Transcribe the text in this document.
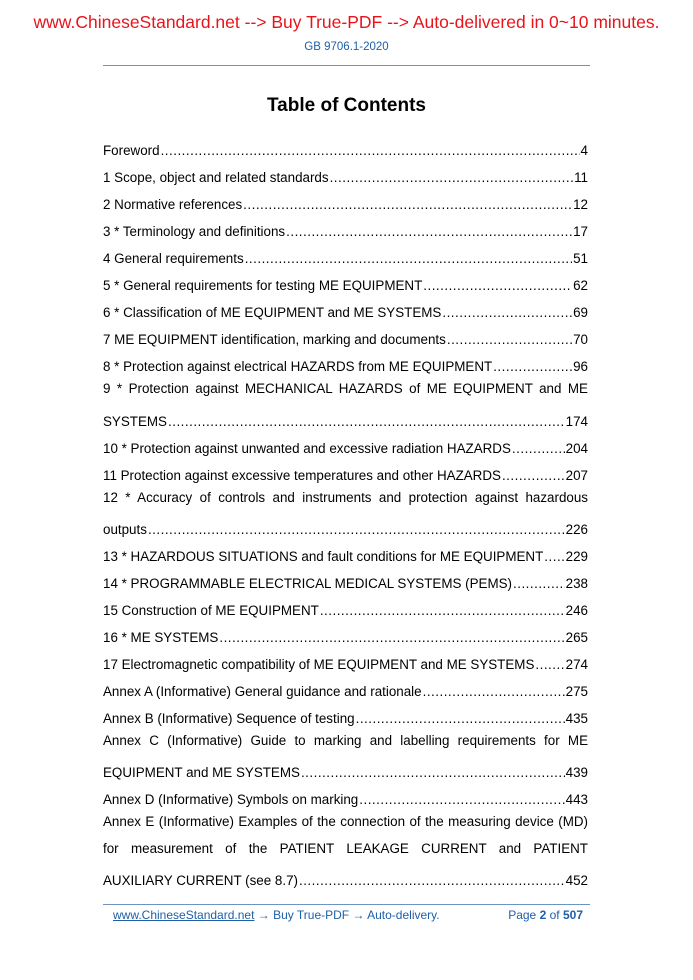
www.ChineseStandard.net --> Buy True-PDF --> Auto-delivered in 0~10 minutes.
GB 9706.1-2020
Table of Contents
Foreword .....	4
1 Scope, object and related standards .....	11
2 Normative references .....	12
3 * Terminology and definitions .....	17
4 General requirements .....	51
5 * General requirements for testing ME EQUIPMENT .....	62
6 * Classification of ME EQUIPMENT and ME SYSTEMS .....	69
7 ME EQUIPMENT identification, marking and documents .....	70
8 * Protection against electrical HAZARDS from ME EQUIPMENT .....	96
9 * Protection against MECHANICAL HAZARDS of ME EQUIPMENT and ME
SYSTEMS .....	174
10 * Protection against unwanted and excessive radiation HAZARDS .....	204
11 Protection against excessive temperatures and other HAZARDS .....	207
12 * Accuracy of controls and instruments and protection against hazardous
outputs .....	226
13 * HAZARDOUS SITUATIONS and fault conditions for ME EQUIPMENT ..... 229
14 * PROGRAMMABLE ELECTRICAL MEDICAL SYSTEMS (PEMS) .....	238
15 Construction of ME EQUIPMENT .....	246
16 * ME SYSTEMS .....	265
17 Electromagnetic compatibility of ME EQUIPMENT and ME SYSTEMS ..... 274
Annex A (Informative) General guidance and rationale .....	275
Annex B (Informative) Sequence of testing .....	435
Annex C (Informative) Guide to marking and labelling requirements for ME
EQUIPMENT and ME SYSTEMS .....	439
Annex D (Informative) Symbols on marking .....	443
Annex E (Informative) Examples of the connection of the measuring device (MD)
for measurement of the PATIENT LEAKAGE CURRENT and PATIENT
AUXILIARY CURRENT (see 8.7) .....	452
www.ChineseStandard.net → Buy True-PDF → Auto-delivery.	Page 2 of 507
